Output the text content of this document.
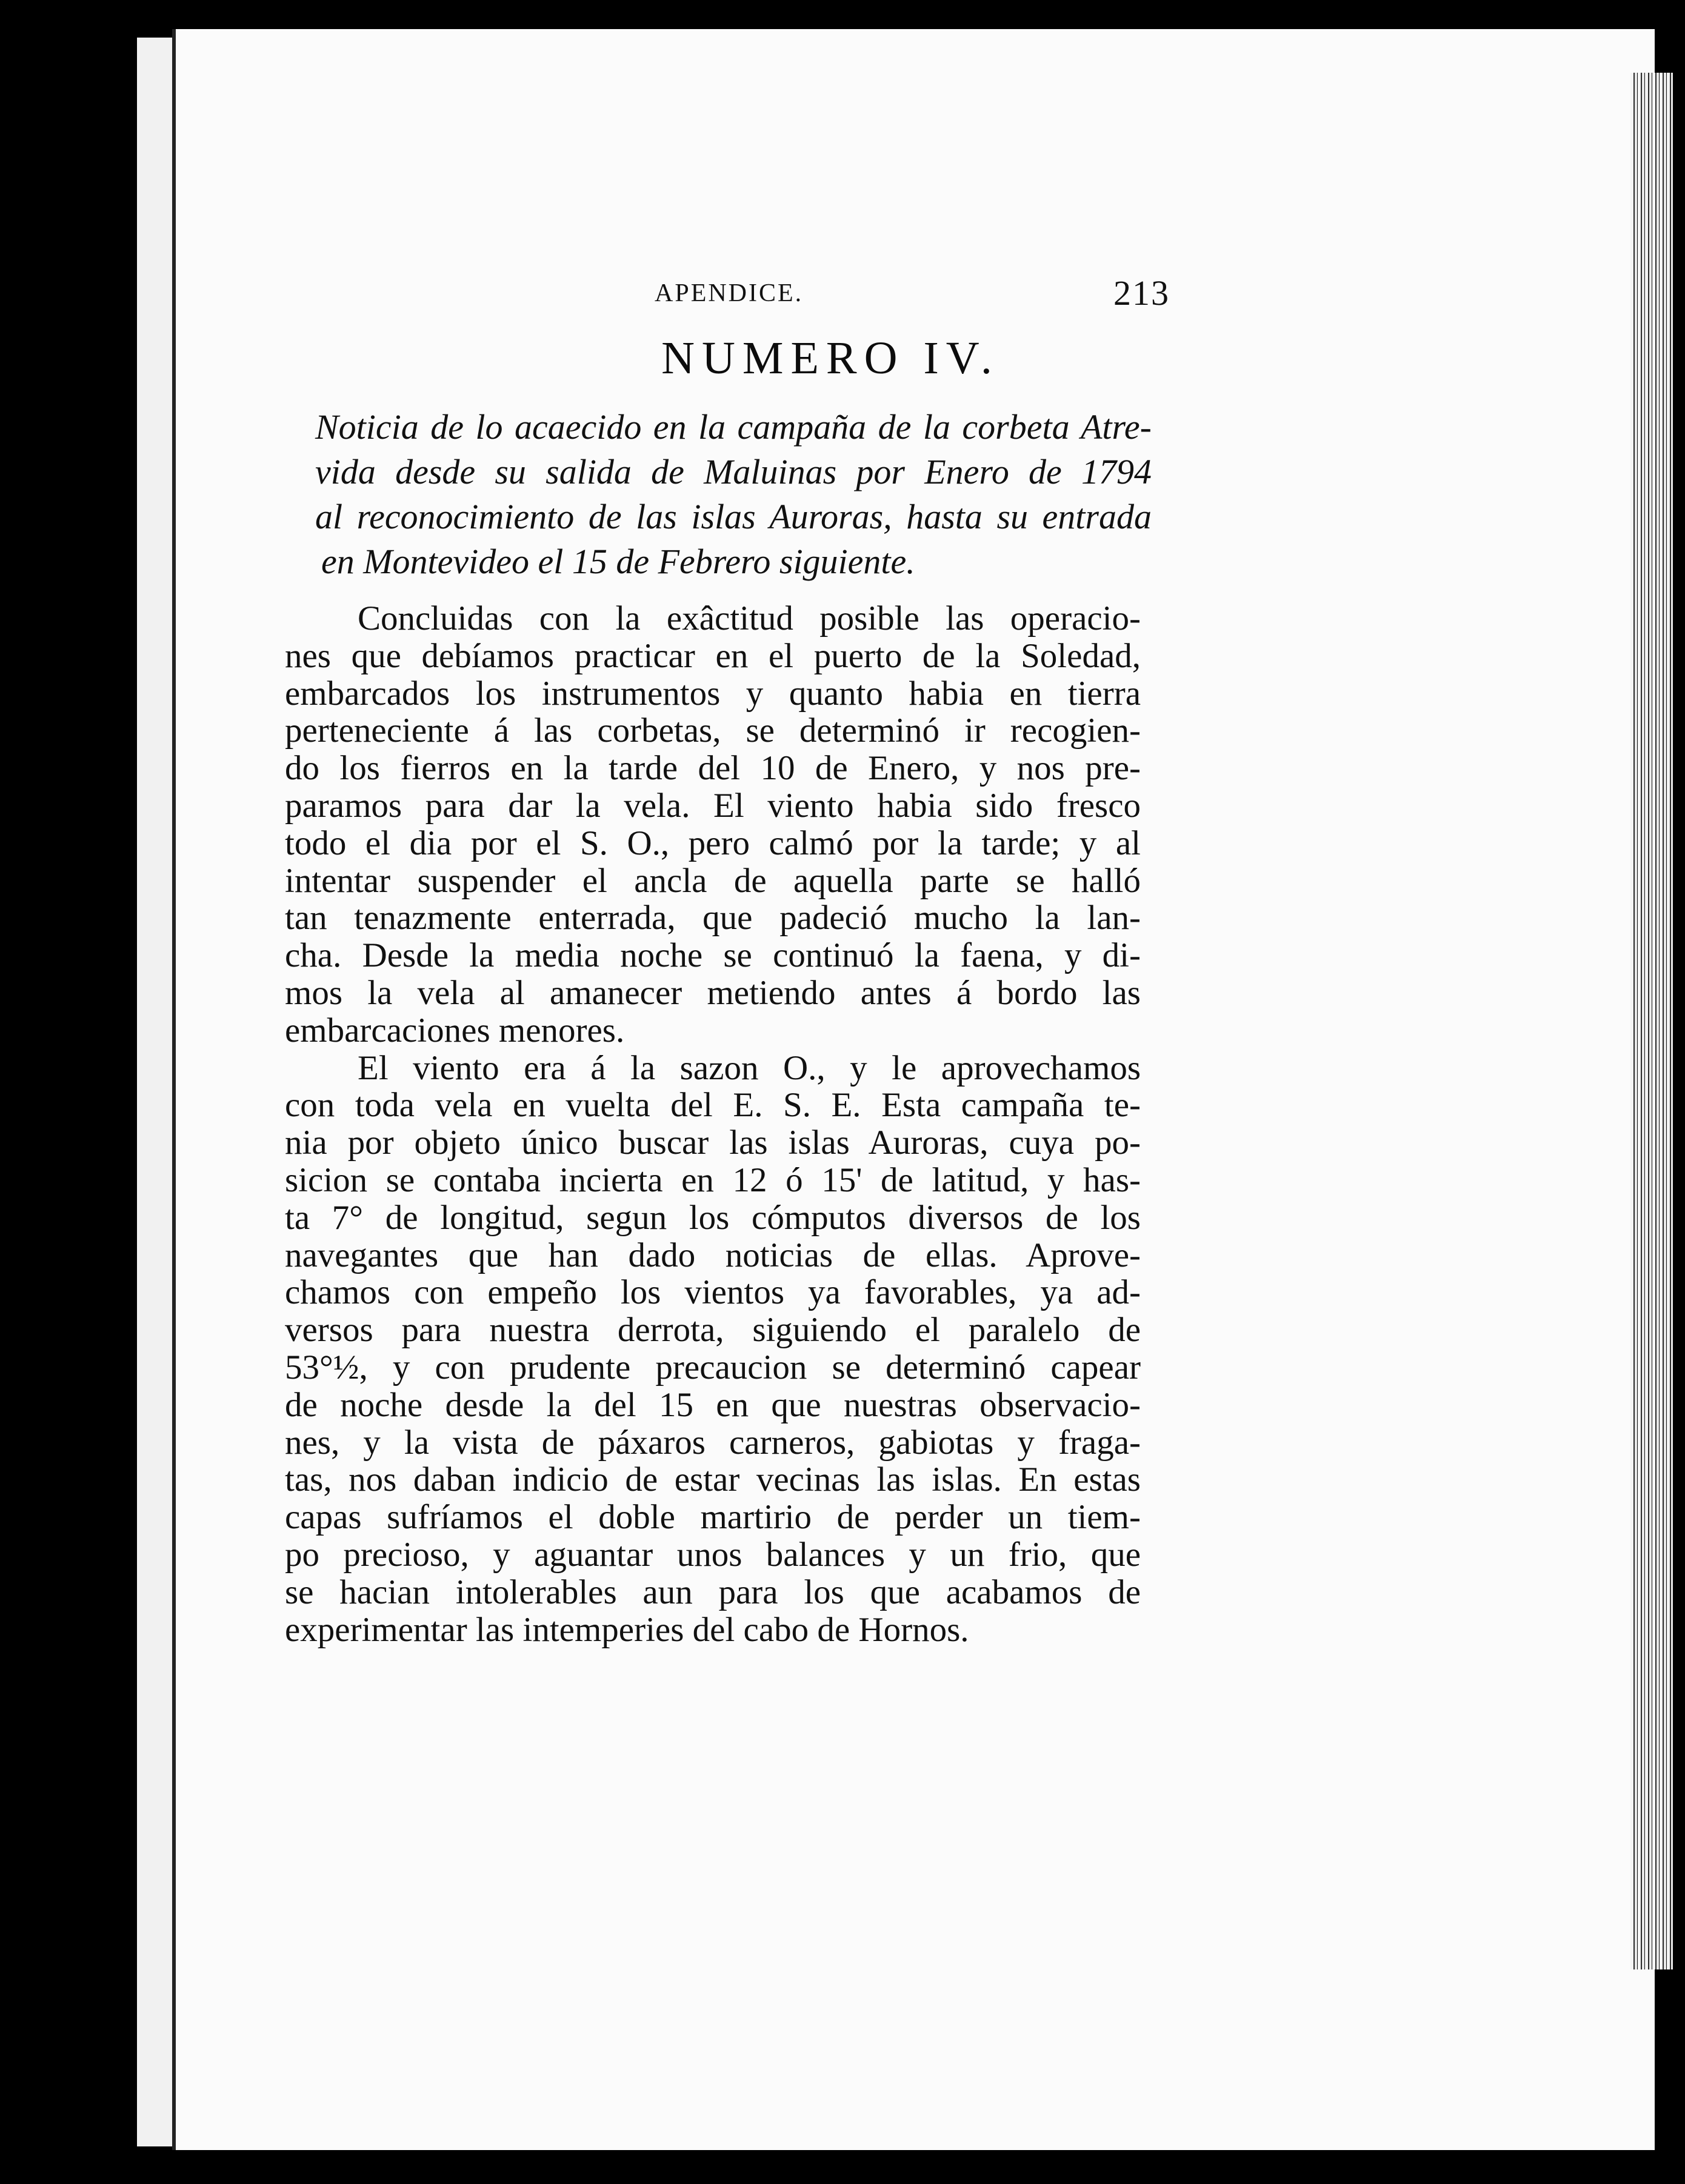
APENDICE.	213
NUMERO IV.
Noticia de lo acaecido en la campaña de la corbeta Atre-
vida desde su salida de Maluinas por Enero de 1794
al reconocimiento de las islas Auroras, hasta su entrada
en Montevideo el 15 de Febrero siguiente.
Concluidas con la exâctitud posible las operacio-
nes que debíamos practicar en el puerto de la Soledad,
embarcados los instrumentos y quanto habia en tierra
perteneciente á las corbetas, se determinó ir recogien-
do los fierros en la tarde del 10 de Enero, y nos pre-
paramos para dar la vela. El viento habia sido fresco
todo el dia por el S. O., pero calmó por la tarde; y al
intentar suspender el ancla de aquella parte se halló
tan tenazmente enterrada, que padeció mucho la lan-
cha. Desde la media noche se continuó la faena, y di-
mos la vela al amanecer metiendo antes á bordo las
embarcaciones menores.
El viento era á la sazon O., y le aprovechamos
con toda vela en vuelta del E. S. E. Esta campaña te-
nia por objeto único buscar las islas Auroras, cuya po-
sicion se contaba incierta en 12 ó 15' de latitud, y has-
ta 7° de longitud, segun los cómputos diversos de los
navegantes que han dado noticias de ellas. Aprove-
chamos con empeño los vientos ya favorables, ya ad-
versos para nuestra derrota, siguiendo el paralelo de
53°½, y con prudente precaucion se determinó capear
de noche desde la del 15 en que nuestras observacio-
nes, y la vista de páxaros carneros, gabiotas y fraga-
tas, nos daban indicio de estar vecinas las islas. En estas
capas sufríamos el doble martirio de perder un tiem-
po precioso, y aguantar unos balances y un frio, que
se hacian intolerables aun para los que acabamos de
experimentar las intemperies del cabo de Hornos.
